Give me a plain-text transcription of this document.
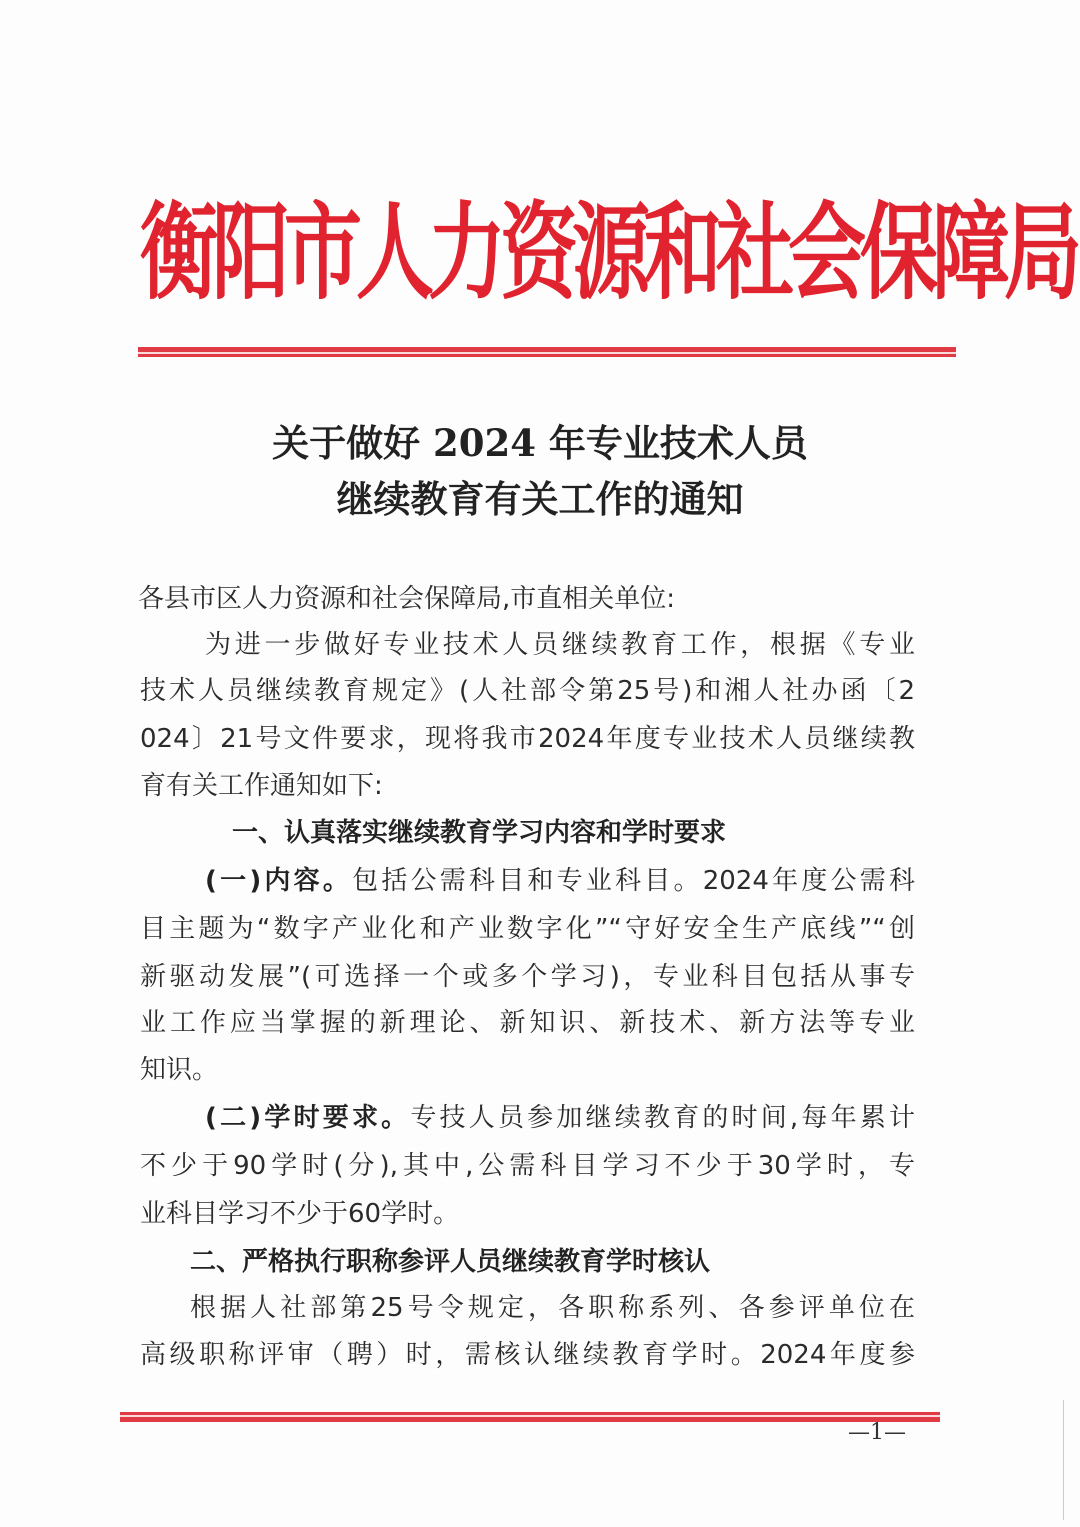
衡阳市人力资源和社会保障局
关于做好 2024 年专业技术人员
继续教育有关工作的通知
各县市区人力资源和社会保障局,市直相关单位:
为进一步做好专业技术人员继续教育工作，根据《专业
技术人员继续教育规定》(人社部令第25号)和湘人社办函〔2
024〕21号文件要求，现将我市2024年度专业技术人员继续教
育有关工作通知如下:
一、认真落实继续教育学习内容和学时要求
(一)内容。包括公需科目和专业科目。2024年度公需科
目主题为“数字产业化和产业数字化”“守好安全生产底线”“创
新驱动发展”(可选择一个或多个学习)，专业科目包括从事专
业工作应当掌握的新理论、新知识、新技术、新方法等专业
知识。
(二)学时要求。专技人员参加继续教育的时间,每年累计
不少于90学时(分),其中,公需科目学习不少于30学时，专
业科目学习不少于60学时。
二、严格执行职称参评人员继续教育学时核认
根据人社部第25号令规定，各职称系列、各参评单位在
高级职称评审（聘）时，需核认继续教育学时。2024年度参
—1—
